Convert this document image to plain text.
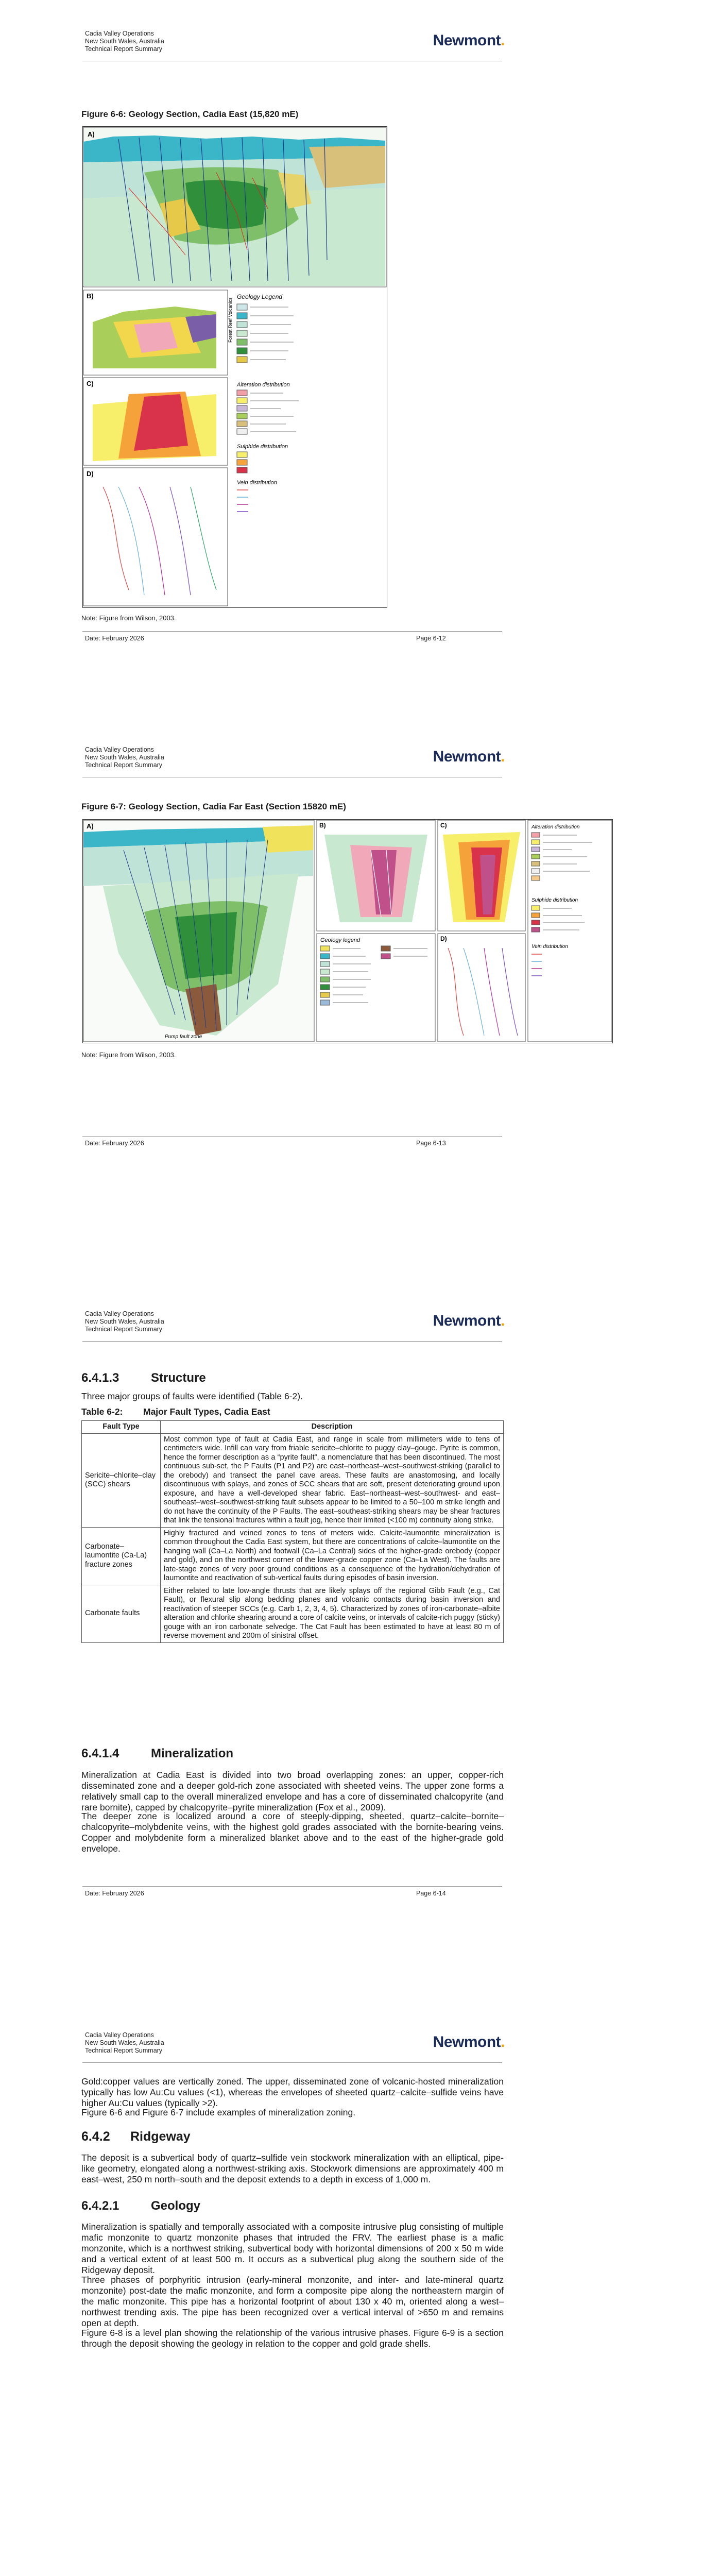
Cadia Valley Operations
New South Wales, Australia
Technical Report Summary	Newmont.
Figure 6-6: Geology Section, Cadia East (15,820 mE)
A)
B)
C)
D)
Geology Legend
Forest Reef Volcanics
Alteration distribution
Sulphide distribution
Vein distribution
Note: Figure from Wilson, 2003.
Date: February 2026	Page 6-12
Cadia Valley Operations
New South Wales, Australia
Technical Report Summary	Newmont.
Figure 6-7: Geology Section, Cadia Far East (Section 15820 mE)
A)
Pump fault zone
B)	C)
D)
Geology legend
Alteration distribution
Sulphide distribution
Vein distribution
Note: Figure from Wilson, 2003.
Date: February 2026	Page 6-13
Cadia Valley Operations
New South Wales, Australia
Technical Report Summary	Newmont.
6.4.1.3	Structure
Three major groups of faults were identified (Table 6-2).
Table 6-2: Major Fault Types, Cadia East
Fault Type	Description
Sericite–chlorite–clay (SCC) shears	Most common type of fault at Cadia East, and range in scale from millimeters wide to tens of centimeters wide. Infill can vary from friable sericite–chlorite to puggy clay–gouge. Pyrite is common, hence the former description as a “pyrite fault”, a nomenclature that has been discontinued. The most continuous sub-set, the P Faults (P1 and P2) are east–northeast–west–southwest-striking (parallel to the orebody) and transect the panel cave areas. These faults are anastomosing, and locally discontinuous with splays, and zones of SCC shears that are soft, present deteriorating ground upon exposure, and have a well-developed shear fabric. East–northeast–west–southwest- and east–southeast–west–southwest-striking fault subsets appear to be limited to a 50–100 m strike length and do not have the continuity of the P Faults. The east–southeast-striking shears may be shear fractures that link the tensional fractures within a fault jog, hence their limited (<100 m) continuity along strike.
Carbonate–laumontite (Ca-La) fracture zones	Highly fractured and veined zones to tens of meters wide. Calcite-laumontite mineralization is common throughout the Cadia East system, but there are concentrations of calcite–laumontite on the hanging wall (Ca–La North) and footwall (Ca–La Central) sides of the higher-grade orebody (copper and gold), and on the northwest corner of the lower-grade copper zone (Ca–La West). The faults are late-stage zones of very poor ground conditions as a consequence of the hydration/dehydration of laumontite and reactivation of sub-vertical faults during episodes of basin inversion.
Carbonate faults	Either related to late low-angle thrusts that are likely splays off the regional Gibb Fault (e.g., Cat Fault), or flexural slip along bedding planes and volcanic contacts during basin inversion and reactivation of steeper SCCs (e.g. Carb 1, 2, 3, 4, 5). Characterized by zones of iron-carbonate–albite alteration and chlorite shearing around a core of calcite veins, or intervals of calcite-rich puggy (sticky) gouge with an iron carbonate selvedge. The Cat Fault has been estimated to have at least 80 m of reverse movement and 200m of sinistral offset.
6.4.1.4	Mineralization
Mineralization at Cadia East is divided into two broad overlapping zones: an upper, copper-rich disseminated zone and a deeper gold-rich zone associated with sheeted veins. The upper zone forms a relatively small cap to the overall mineralized envelope and has a core of disseminated chalcopyrite (and rare bornite), capped by chalcopyrite–pyrite mineralization (Fox et al., 2009).
The deeper zone is localized around a core of steeply-dipping, sheeted, quartz–calcite–bornite–chalcopyrite–molybdenite veins, with the highest gold grades associated with the bornite-bearing veins. Copper and molybdenite form a mineralized blanket above and to the east of the higher-grade gold envelope.
Date: February 2026	Page 6-14
Cadia Valley Operations
New South Wales, Australia
Technical Report Summary	Newmont.
Gold:copper values are vertically zoned. The upper, disseminated zone of volcanic-hosted mineralization typically has low Au:Cu values (<1), whereas the envelopes of sheeted quartz–calcite–sulfide veins have higher Au:Cu values (typically >2).
Figure 6-6 and Figure 6-7 include examples of mineralization zoning.
6.4.2 Ridgeway
The deposit is a subvertical body of quartz–sulfide vein stockwork mineralization with an elliptical, pipe-like geometry, elongated along a northwest-striking axis. Stockwork dimensions are approximately 400 m east–west, 250 m north–south and the deposit extends to a depth in excess of 1,000 m.
6.4.2.1	Geology
Mineralization is spatially and temporally associated with a composite intrusive plug consisting of multiple mafic monzonite to quartz monzonite phases that intruded the FRV. The earliest phase is a mafic monzonite, which is a northwest striking, subvertical body with horizontal dimensions of 200 x 50 m wide and a vertical extent of at least 500 m. It occurs as a subvertical plug along the southern side of the Ridgeway deposit.
Three phases of porphyritic intrusion (early-mineral monzonite, and inter- and late-mineral quartz monzonite) post-date the mafic monzonite, and form a composite pipe along the northeastern margin of the mafic monzonite. This pipe has a horizontal footprint of about 130 x 40 m, oriented along a west–northwest trending axis. The pipe has been recognized over a vertical interval of >650 m and remains open at depth.
Figure 6-8 is a level plan showing the relationship of the various intrusive phases. Figure 6-9 is a section through the deposit showing the geology in relation to the copper and gold grade shells.
